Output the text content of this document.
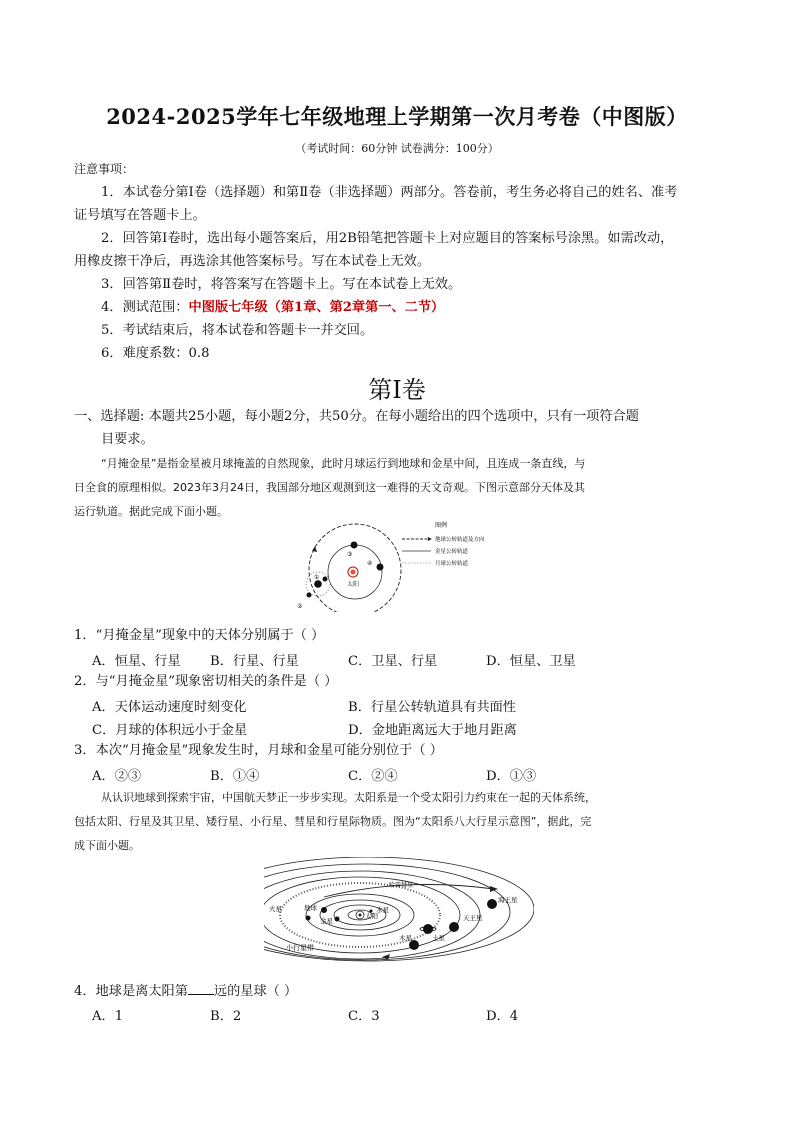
2024-2025学年七年级地理上学期第一次月考卷（中图版）
（考试时间：60分钟 试卷满分：100分）
注意事项：
1．本试卷分第Ⅰ卷（选择题）和第Ⅱ卷（非选择题）两部分。答卷前，考生务必将自己的姓名、准考
证号填写在答题卡上。
2．回答第Ⅰ卷时，选出每小题答案后，用2B铅笔把答题卡上对应题目的答案标号涂黑。如需改动，
用橡皮擦干净后，再选涂其他答案标号。写在本试卷上无效。
3．回答第Ⅱ卷时，将答案写在答题卡上。写在本试卷上无效。
4．测试范围：中图版七年级（第1章、第2章第一、二节）
5．考试结束后，将本试卷和答题卡一并交回。
6．难度系数：0.8
第Ⅰ卷
一、选择题: 本题共25小题，每小题2分，共50分。在每小题给出的四个选项中，只有一项符合题
目要求。
“月掩金星”是指金星被月球掩盖的自然现象，此时月球运行到地球和金星中间，且连成一条直线，与
日全食的原理相似。2023年3月24日，我国部分地区观测到这一难得的天文奇观。下图示意部分天体及其
运行轨道。据此完成下面小题。
太阳
③
④
①
②
图例
地球公转轨道及方向
金星公转轨道
月球公转轨道
1．“月掩金星”现象中的天体分别属于（ ）
A．恒星、行星 B．行星、行星	C．卫星、行星	D．恒星、卫星
2．与“月掩金星”现象密切相关的条件是（ ）
A．天体运动速度时刻变化	B．行星公转轨道具有共面性
C．月球的体积远小于金星	D．金地距离远大于地月距离
3．本次“月掩金星”现象发生时，月球和金星可能分别位于（ ）
A．②③	B．①④	C．②④	D．①③
从认识地球到探索宇宙，中国航天梦正一步步实现。太阳系是一个受太阳引力约束在一起的天体系统，
包括太阳、行星及其卫星、矮行星、小行星、彗星和行星际物质。图为“太阳系八大行星示意图”，据此，完
成下面小题。
太阳
水星
金星
地球
火星
小行星带
哈雷彗星
木星	土星
天王星
海王星
4．地球是离太阳第 远的星球（ ）
A．1	B．2	C．3	D．4
